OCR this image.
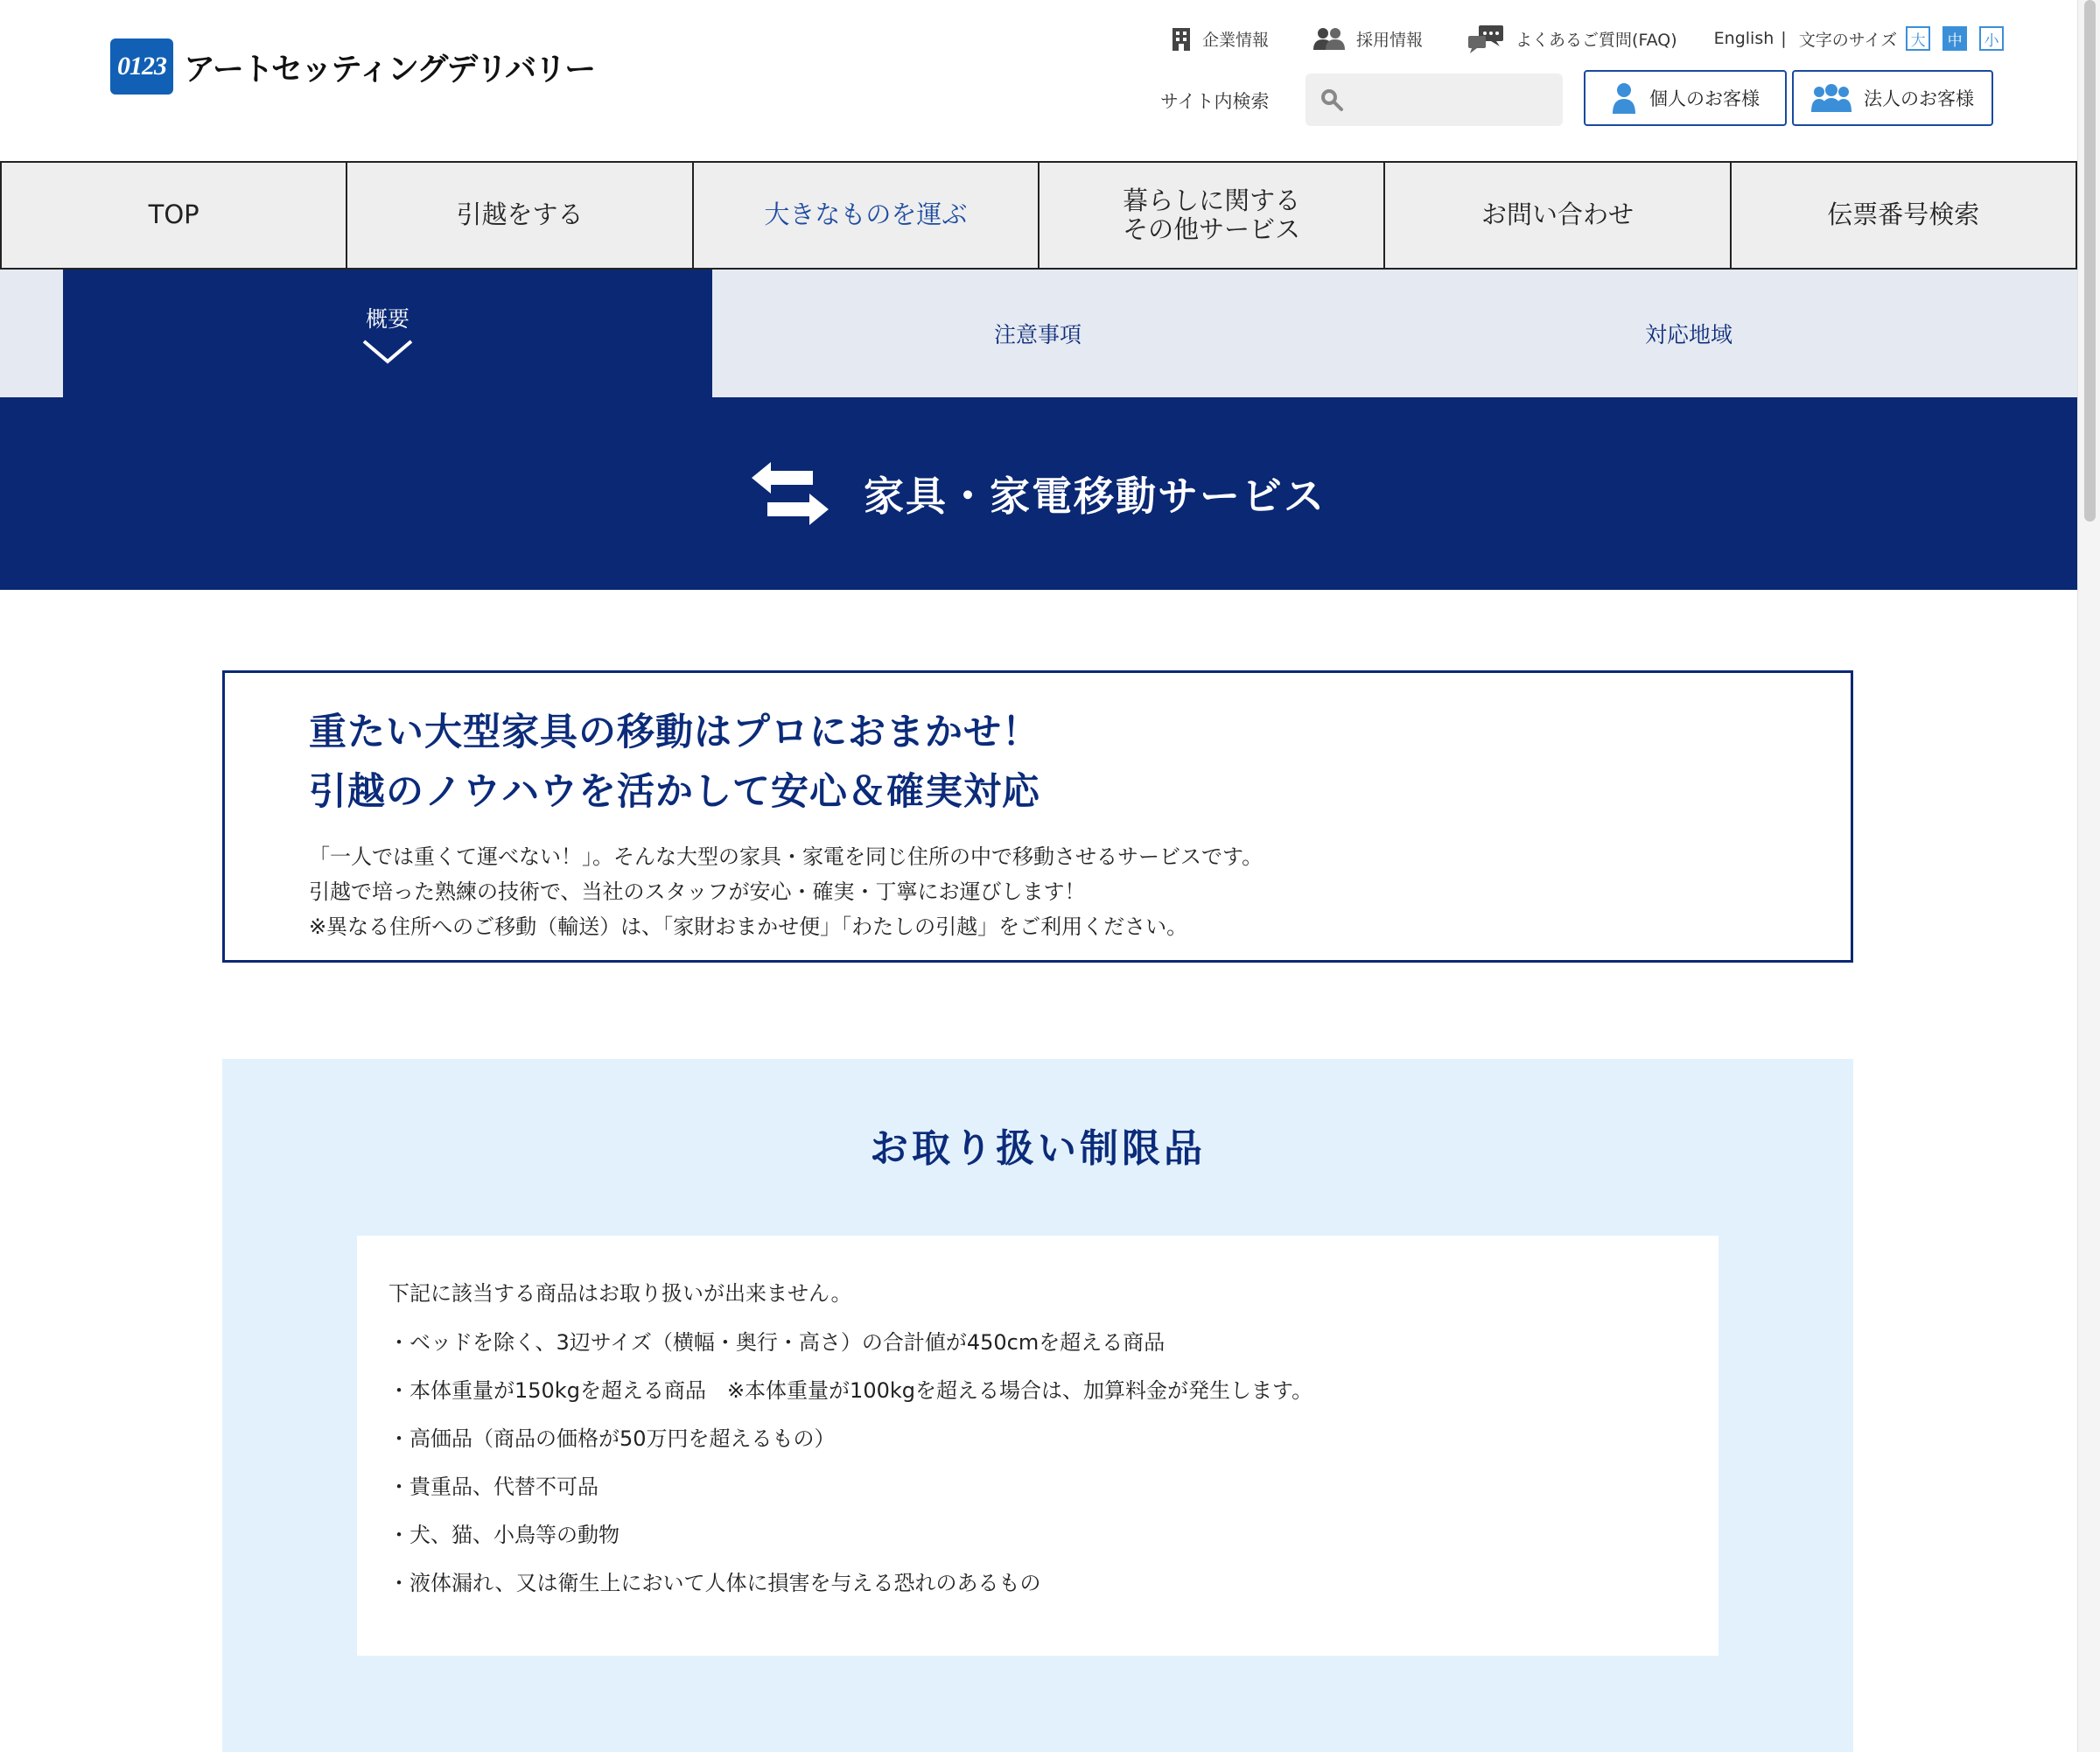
0123 アートセッティングデリバリー
企業情報	採用情報	よくあるご質問(FAQ) English | 文字のサイズ 大	中	小
サイト内検索	個人のお客様	法人のお客様
TOP	引越をする	大きなものを運ぶ	暮らしに関する
その他サービス	お問い合わせ	伝票番号検索
概要
注意事項	対応地域
家具・家電移動サービス
重たい大型家具の移動はプロにおまかせ！
引越のノウハウを活かして安心＆確実対応
「一人では重くて運べない！」。そんな大型の家具・家電を同じ住所の中で移動させるサービスです。
引越で培った熟練の技術で、当社のスタッフが安心・確実・丁寧にお運びします！
※異なる住所へのご移動（輸送）は、「家財おまかせ便」「わたしの引越」をご利用ください。
お取り扱い制限品
下記に該当する商品はお取り扱いが出来ません。
・ベッドを除く、3辺サイズ（横幅・奥行・高さ）の合計値が450cmを超える商品
・本体重量が150kgを超える商品　※本体重量が100kgを超える場合は、加算料金が発生します。
・高価品（商品の価格が50万円を超えるもの）
・貴重品、代替不可品
・犬、猫、小鳥等の動物
・液体漏れ、又は衛生上において人体に損害を与える恐れのあるもの
